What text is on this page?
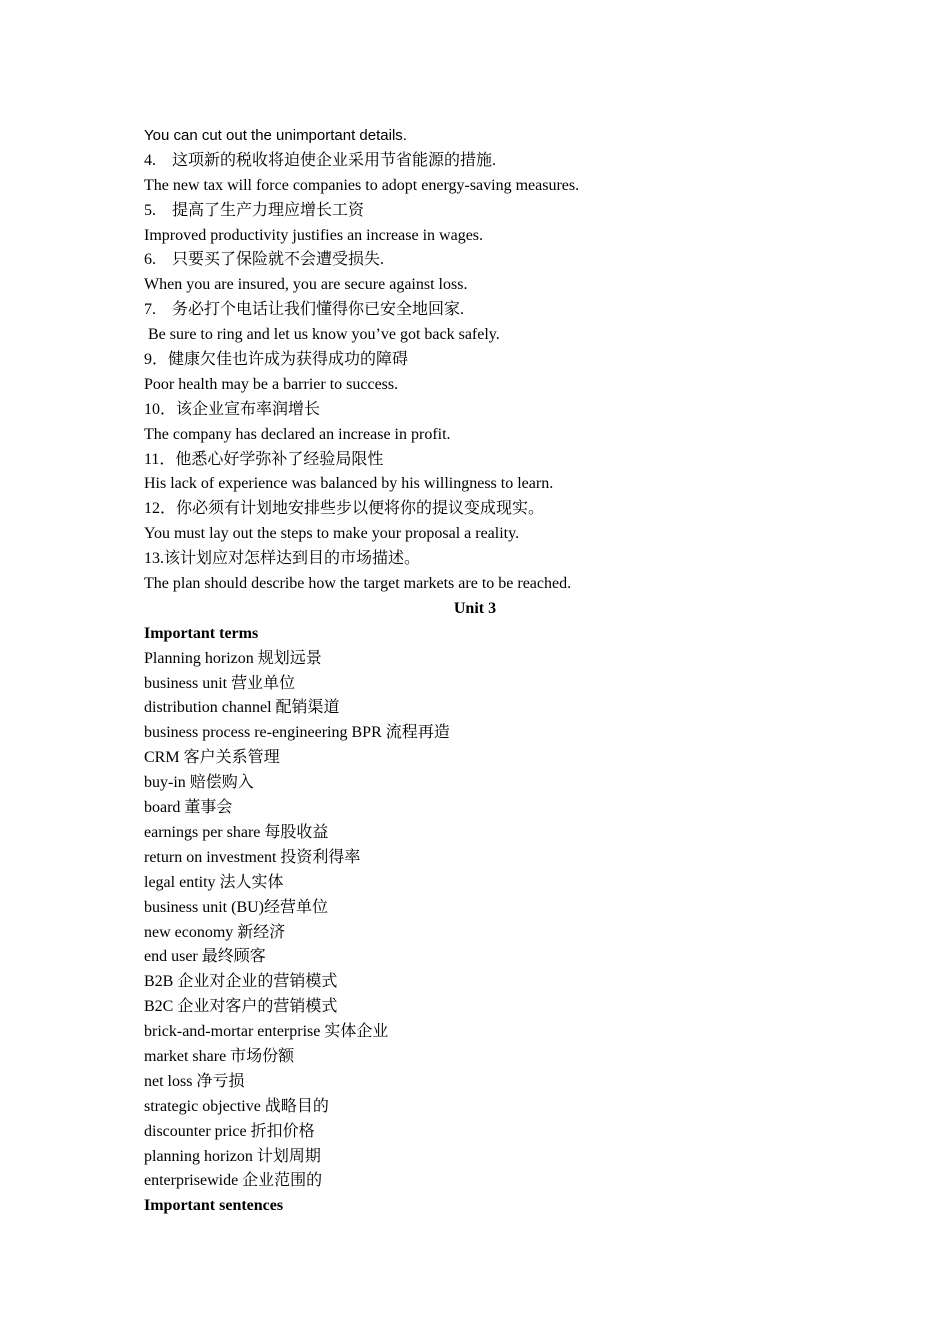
You can cut out the unimportant details.
4.　这项新的税收将迫使企业采用节省能源的措施.
The new tax will force companies to adopt energy-saving measures.
5.　提高了生产力理应增长工资
Improved productivity justifies an increase in wages.
6.　只要买了保险就不会遭受损失.
When you are insured, you are secure against loss.
7.　务必打个电话让我们懂得你已安全地回家.
Be sure to ring and let us know you’ve got back safely.
9．健康欠佳也许成为获得成功的障碍
Poor health may be a barrier to success.
10．该企业宣布率润增长
The company has declared an increase in profit.
11．他悉心好学弥补了经验局限性
His lack of experience was balanced by his willingness to learn.
12．你必须有计划地安排些步以便将你的提议变成现实。
You must lay out the steps to make your proposal a reality.
13.该计划应对怎样达到目的市场描述。
The plan should describe how the target markets are to be reached.
Unit 3
Important terms
Planning horizon 规划远景
business unit 营业单位
distribution channel 配销渠道
business process re-engineering BPR 流程再造
CRM 客户关系管理
buy-in 赔偿购入
board 董事会
earnings per share 每股收益
return on investment 投资利得率
legal entity 法人实体
business unit (BU)经营单位
new economy 新经济
end user 最终顾客
B2B 企业对企业的营销模式
B2C 企业对客户的营销模式
brick-and-mortar enterprise 实体企业
market share 市场份额
net loss 净亏损
strategic objective 战略目的
discounter price 折扣价格
planning horizon 计划周期
enterprisewide 企业范围的
Important sentences
